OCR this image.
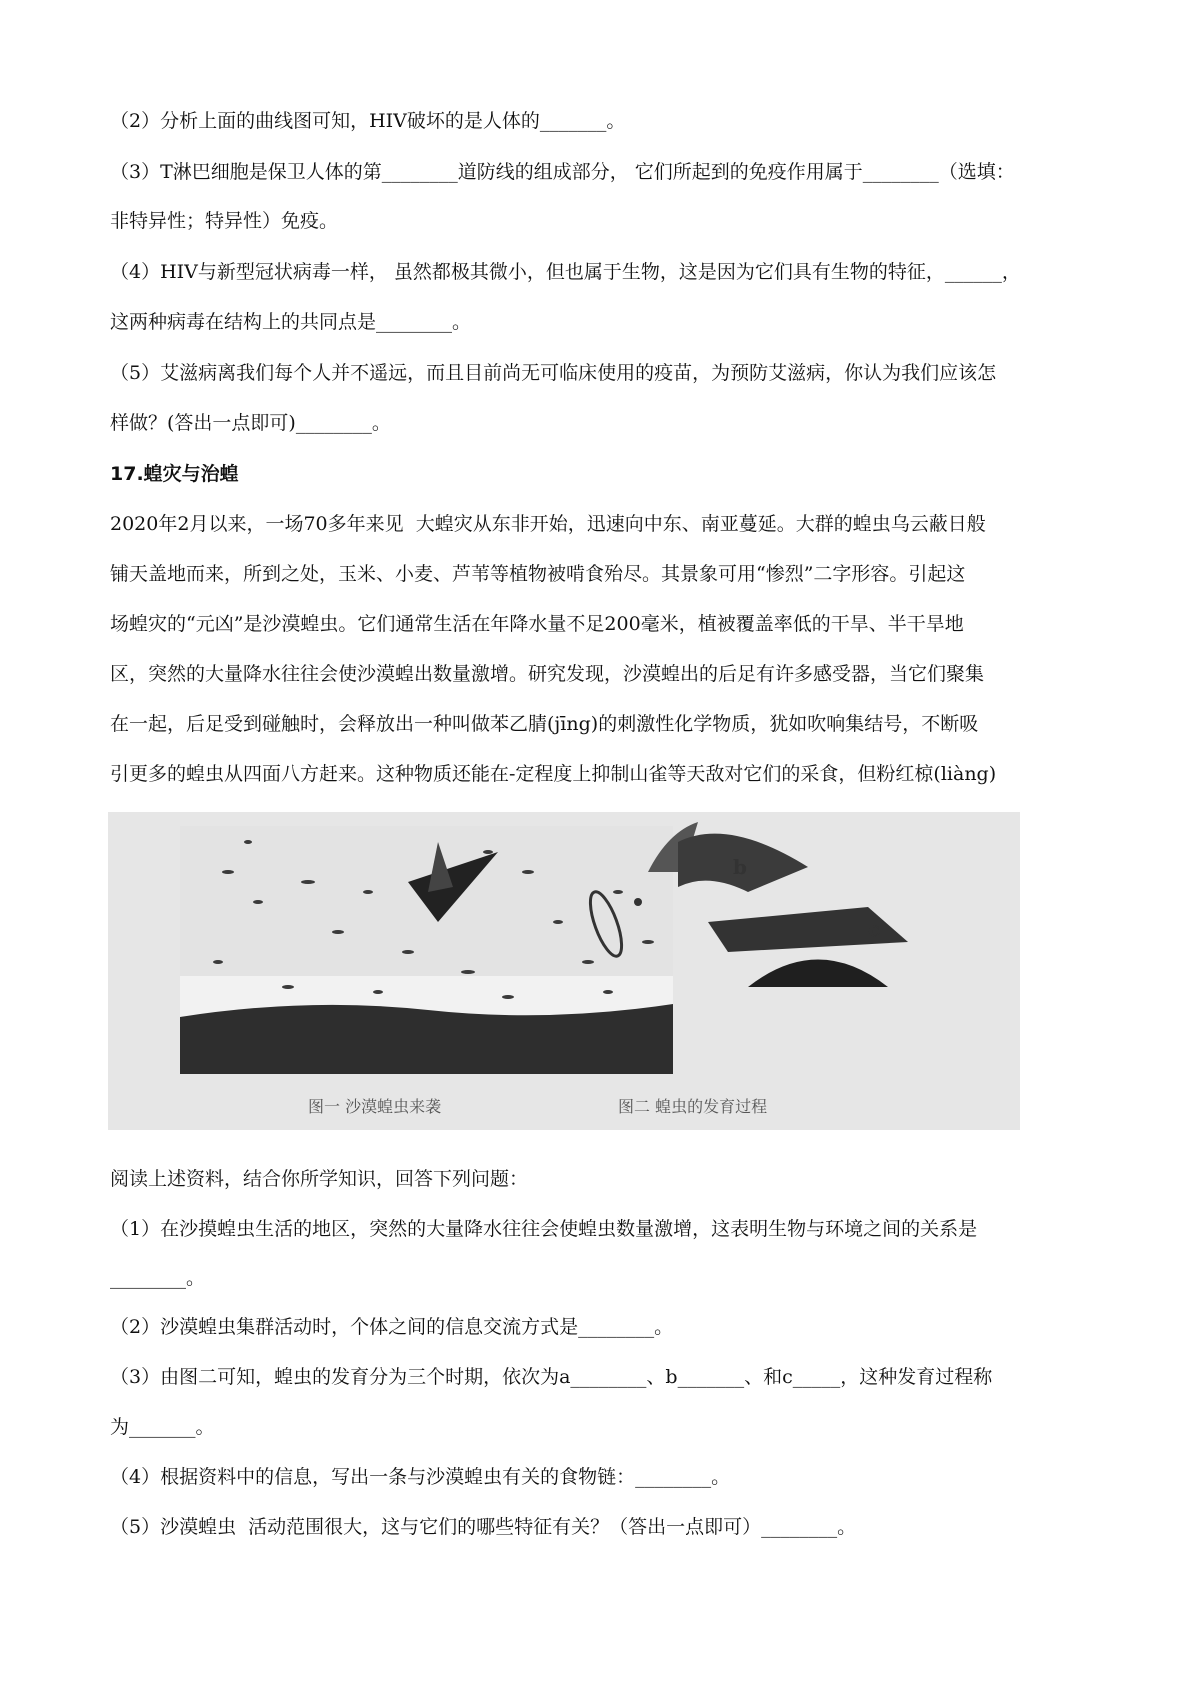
（2）分析上面的曲线图可知，HIV破坏的是人体的_______。
（3）T淋巴细胞是保卫人体的第________道防线的组成部分， 它们所起到的免疫作用属于________（选填：
非特异性；特异性）免疫。
（4）HIV与新型冠状病毒一样， 虽然都极其微小，但也属于生物，这是因为它们具有生物的特征，______，
这两种病毒在结构上的共同点是________。
（5）艾滋病离我们每个人并不遥远，而且目前尚无可临床使用的疫苗，为预防艾滋病，你认为我们应该怎
样做？(答出一点即可)________。
17.蝗灾与治蝗
2020年2月以来，一场70多年来见  大蝗灾从东非开始，迅速向中东、南亚蔓延。大群的蝗虫乌云蔽日般
铺天盖地而来，所到之处，玉米、小麦、芦苇等植物被啃食殆尽。其景象可用“惨烈”二字形容。引起这
场蝗灾的“元凶”是沙漠蝗虫。它们通常生活在年降水量不足200毫米，植被覆盖率低的干旱、半干旱地
区，突然的大量降水往往会使沙漠蝗出数量激增。研究发现，沙漠蝗出的后足有许多感受器，当它们聚集
在一起，后足受到碰触时，会释放出一种叫做苯乙腈(jīng)的刺激性化学物质，犹如吹响集结号，不断吸
引更多的蝗虫从四面八方赶来。这种物质还能在-定程度上抑制山雀等天敌对它们的采食，但粉红椋(liàng)
图一 沙漠蝗虫来袭
b
c
图二 蝗虫的发育过程
阅读上述资料，结合你所学知识，回答下列问题：
（1）在沙摸蝗虫生活的地区，突然的大量降水往往会使蝗虫数量激增，这表明生物与环境之间的关系是
________。
（2）沙漠蝗虫集群活动时，个体之间的信息交流方式是________。
（3）由图二可知，蝗虫的发育分为三个时期，依次为a________、b_______、和c_____，这种发育过程称
为_______。
（4）根据资料中的信息，写出一条与沙漠蝗虫有关的食物链：________。
（5）沙漠蝗虫  活动范围很大，这与它们的哪些特征有关？（答出一点即可）________。
